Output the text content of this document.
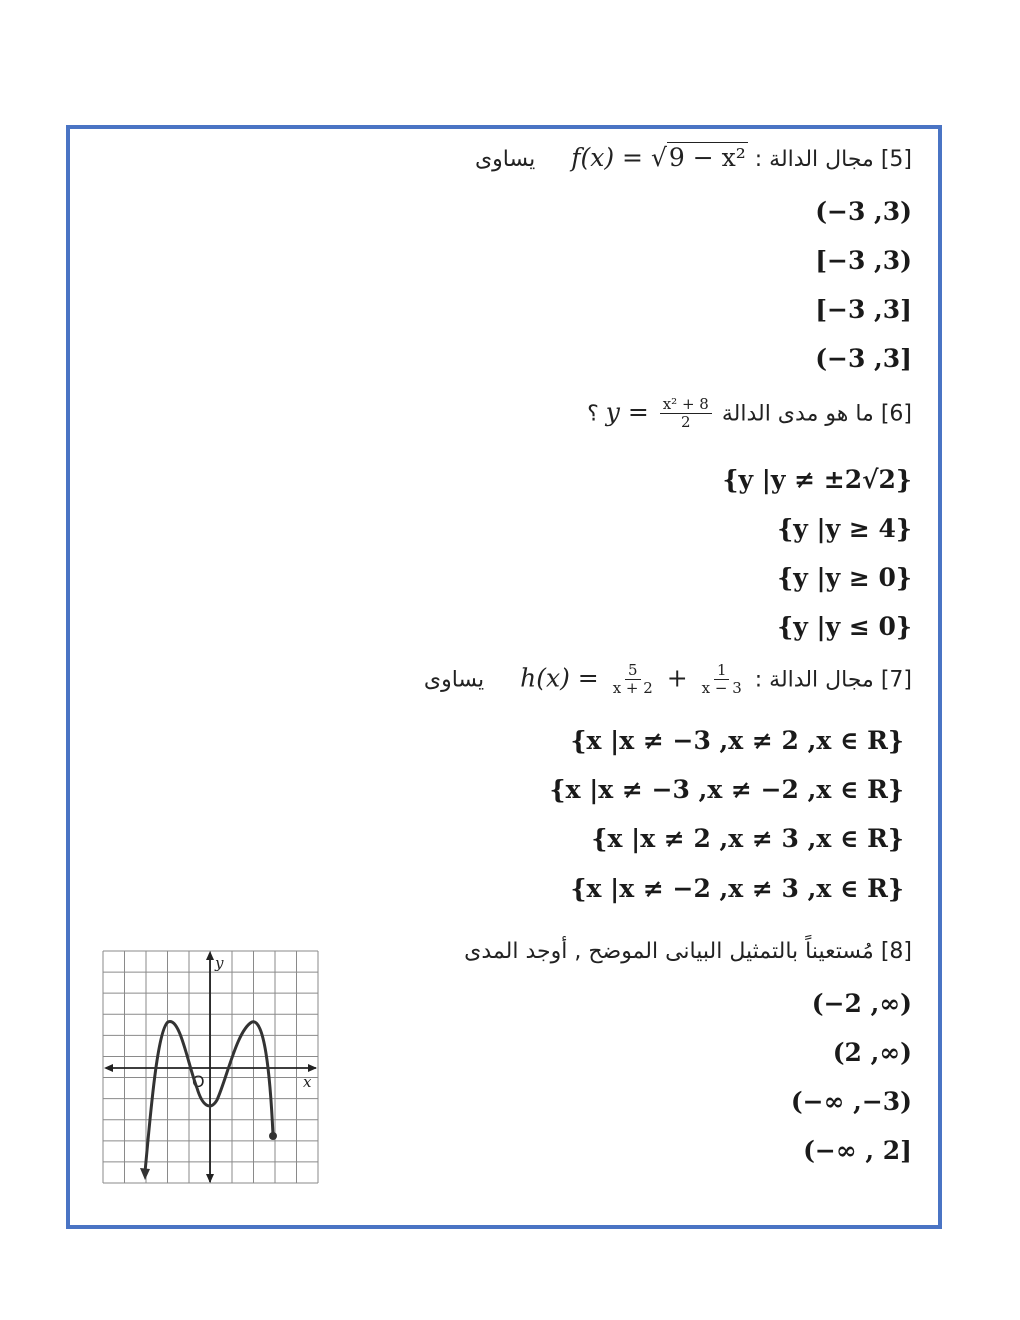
[5] مجال الدالة : f(x) = √9 − x²  يساوى
(−3 ,3)
[−3 ,3)
[−3 ,3]
(−3 ,3]
[6] ما هو مدى الدالة $y = \frac{\text{x² + 8}}{2}$
؟
{y |y ≠ ±2√2}
{y |y ≥ 4}
{y |y ≥ 0}
{y |y ≤ 0}
[7] مجال الدالة : $h(x) = \frac{5}{x + 2} + \frac{1}{x - 3}$
يساوى
{x |x ≠ −3 ,x ≠ 2 ,x ∈ R}
{x |x ≠ −3 ,x ≠ −2 ,x ∈ R}
{x |x ≠ 2 ,x ≠ 3 ,x ∈ R}
{x |x ≠ −2 ,x ≠ 3 ,x ∈ R}
[8] مُستعيناً بالتمثيل البيانى الموضح , أوجد المدى
(−2 ,∞)
(2 ,∞)
(−∞ ,−3)
(−∞ , 2]
y
x
O
